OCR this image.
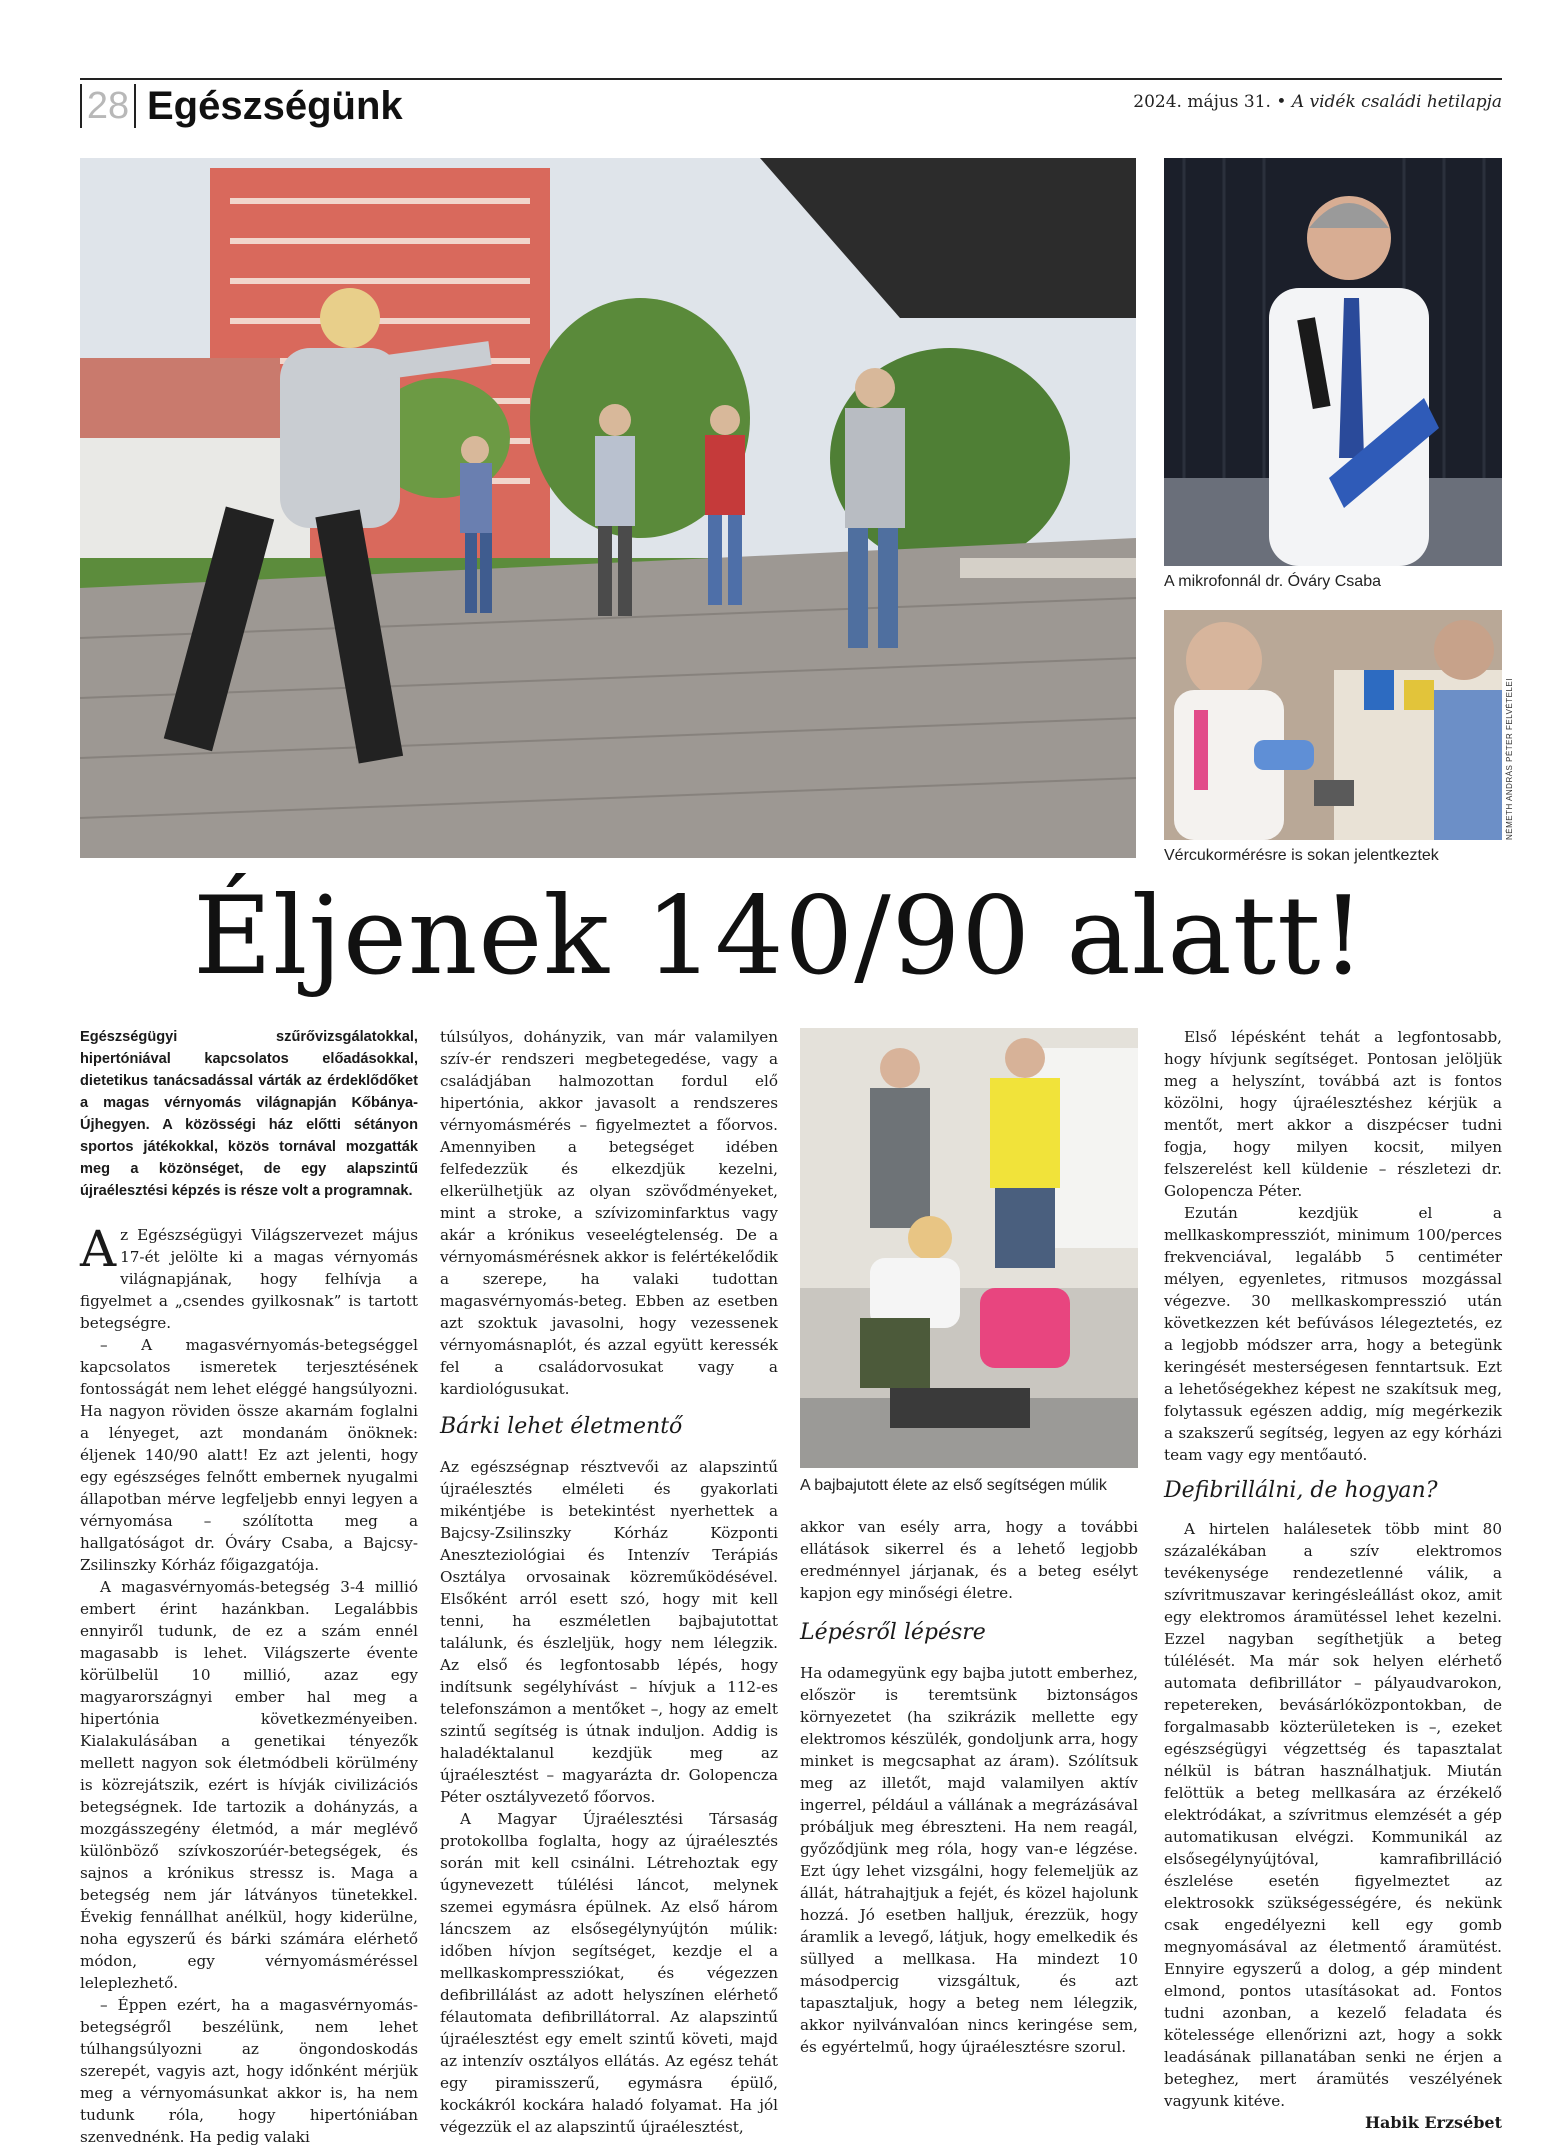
28 Egészségünk	2024. május 31. • A vidék családi hetilapja
A mikrofonnál dr. Óváry Csaba
NÉMETH ANDRÁS PÉTER FELVÉTELEI
Vércukormérésre is sokan jelentkeztek
Éljenek 140/90 alatt!

Egészségügyi szűrővizsgálatokkal, hipertóniával kapcsolatos előadásokkal, dietetikus tanácsadással várták az érdeklődőket a magas vérnyomás világnapján Kőbánya-Újhegyen. A közösségi ház előtti sétányon sportos játékokkal, közös tornával mozgatták meg a közönséget, de egy alapszintű újraélesztési képzés is része volt a programnak.

Az Egészségügyi Világszervezet május 17-ét jelölte ki a magas vérnyomás világnapjának, hogy felhívja a figyelmet a „csendes gyilkosnak” is tartott betegségre.

– A magasvérnyomás-betegséggel kapcsolatos ismeretek terjesztésének fontosságát nem lehet eléggé hangsúlyozni. Ha nagyon röviden össze akarnám foglalni a lényeget, azt mondanám önöknek: éljenek 140/90 alatt! Ez azt jelenti, hogy egy egészséges felnőtt embernek nyugalmi állapotban mérve legfeljebb ennyi legyen a vérnyomása – szólította meg a hallgatóságot dr. Óváry Csaba, a Bajcsy-Zsilinszky Kórház főigazgatója.

A magasvérnyomás-betegség 3-4 millió embert érint hazánkban. Legalábbis ennyiről tudunk, de ez a szám ennél magasabb is lehet. Világszerte évente körülbelül 10 millió, azaz egy magyarországnyi ember hal meg a hipertónia következményeiben. Kialakulásában a genetikai tényezők mellett nagyon sok életmódbeli körülmény is közrejátszik, ezért is hívják civilizációs betegségnek. Ide tartozik a dohányzás, a mozgásszegény életmód, a már meglévő különböző szívkoszorúér-betegségek, és sajnos a krónikus stressz is. Maga a betegség nem jár látványos tünetekkel. Évekig fennállhat anélkül, hogy kiderülne, noha egyszerű és bárki számára elérhető módon, egy vérnyomásméréssel leleplezhető.

– Éppen ezért, ha a magasvérnyomás-betegségről beszélünk, nem lehet túlhangsúlyozni az öngondoskodás szerepét, vagyis azt, hogy időnként mérjük meg a vérnyomásunkat akkor is, ha nem tudunk róla, hogy hipertóniában szenvednénk. Ha pedig valaki

túlsúlyos, dohányzik, van már valamilyen szív-ér rendszeri megbetegedése, vagy a családjában halmozottan fordul elő hipertónia, akkor javasolt a rendszeres vérnyomásmérés – figyelmeztet a főorvos. Amennyiben a betegséget idében felfedezzük és elkezdjük kezelni, elkerülhetjük az olyan szövődményeket, mint a stroke, a szívizominfarktus vagy akár a krónikus veseelégtelenség. De a vérnyomásmérésnek akkor is felértékelődik a szerepe, ha valaki tudottan magasvérnyomás-beteg. Ebben az esetben azt szoktuk javasolni, hogy vezessenek vérnyomásnaplót, és azzal együtt keressék fel a családorvosukat vagy a kardiológusukat.

Bárki lehet életmentő

Az egészségnap résztvevői az alapszintű újraélesztés elméleti és gyakorlati mikéntjébe is betekintést nyerhettek a Bajcsy-Zsilinszky Kórház Központi Aneszteziológiai és Intenzív Terápiás Osztálya orvosainak közreműködésével. Elsőként arról esett szó, hogy mit kell tenni, ha eszméletlen bajbajutottat találunk, és észleljük, hogy nem lélegzik. Az első és legfontosabb lépés, hogy indítsunk segélyhívást – hívjuk a 112-es telefonszámon a mentőket –, hogy az emelt szintű segítség is útnak induljon. Addig is haladéktalanul kezdjük meg az újraélesztést – magyarázta dr. Golopencza Péter osztályvezető főorvos.

A Magyar Újraélesztési Társaság protokollba foglalta, hogy az újraélesztés során mit kell csinálni. Létrehoztak egy úgynevezett túlélési láncot, melynek szemei egymásra épülnek. Az első három láncszem az elsősegélynyújtón múlik: időben hívjon segítséget, kezdje el a mellkaskompressziókat, és végezzen defibrillálást az adott helyszínen elérhető félautomata defibrillátorral. Az alapszintű újraélesztést egy emelt szintű követi, majd az intenzív osztályos ellátás. Az egész tehát egy piramisszerű, egymásra épülő, kockákról kockára haladó folyamat. Ha jól végezzük el az alapszintű újraélesztést,

A bajbajutott élete az első segítségen múlik

akkor van esély arra, hogy a további ellátások sikerrel és a lehető legjobb eredménnyel járjanak, és a beteg esélyt kapjon egy minőségi életre.

Lépésről lépésre

Ha odamegyünk egy bajba jutott emberhez, először is teremtsünk biztonságos környezetet (ha szikrázik mellette egy elektromos készülék, gondoljunk arra, hogy minket is megcsaphat az áram). Szólítsuk meg az illetőt, majd valamilyen aktív ingerrel, például a vállának a megrázásával próbáljuk meg ébreszteni. Ha nem reagál, győződjünk meg róla, hogy van-e légzése. Ezt úgy lehet vizsgálni, hogy felemeljük az állát, hátrahajtjuk a fejét, és közel hajolunk hozzá. Jó esetben halljuk, érezzük, hogy áramlik a levegő, látjuk, hogy emelkedik és süllyed a mellkasa. Ha mindezt 10 másodpercig vizsgáltuk, és azt tapasztaljuk, hogy a beteg nem lélegzik, akkor nyilvánvalóan nincs keringése sem, és egyértelmű, hogy újraélesztésre szorul.

Első lépésként tehát a legfontosabb, hogy hívjunk segítséget. Pontosan jelöljük meg a helyszínt, továbbá azt is fontos közölni, hogy újraélesztéshez kérjük a mentőt, mert akkor a diszpécser tudni fogja, hogy milyen kocsit, milyen felszerelést kell küldenie – részletezi dr. Golopencza Péter.

Ezután kezdjük el a mellkaskompressziót, minimum 100/perces frekvenciával, legalább 5 centiméter mélyen, egyenletes, ritmusos mozgással végezve. 30 mellkaskompresszió után következzen két befúvásos lélegeztetés, ez a legjobb módszer arra, hogy a betegünk keringését mesterségesen fenntartsuk. Ezt a lehetőségekhez képest ne szakítsuk meg, folytassuk egészen addig, míg megérkezik a szakszerű segítség, legyen az egy kórházi team vagy egy mentőautó.

Defibrillálni, de hogyan?

A hirtelen halálesetek több mint 80 százalékában a szív elektromos tevékenysége rendezetlenné válik, a szívritmuszavar keringésleállást okoz, amit egy elektromos áramütéssel lehet kezelni. Ezzel nagyban segíthetjük a beteg túlélését. Ma már sok helyen elérhető automata defibrillátor – pályaudvarokon, repetereken, bevásárlóközpontokban, de forgalmasabb közterületeken is –, ezeket egészségügyi végzettség és tapasztalat nélkül is bátran használhatjuk. Miután felöttük a beteg mellkasára az érzékelő elektródákat, a szívritmus elemzését a gép automatikusan elvégzi. Kommunikál az elsősegélynyújtóval, kamrafibrilláció észlelése esetén figyelmeztet az elektrosokk szükségességére, és nekünk csak engedélyezni kell egy gomb megnyomásával az életmentő áramütést. Ennyire egyszerű a dolog, a gép mindent elmond, pontos utasításokat ad. Fontos tudni azonban, a kezelő feladata és kötelessége ellenőrizni azt, hogy a sokk leadásának pillanatában senki ne érjen a beteghez, mert áramütés veszélyének vagyunk kitéve.

Habik Erzsébet
